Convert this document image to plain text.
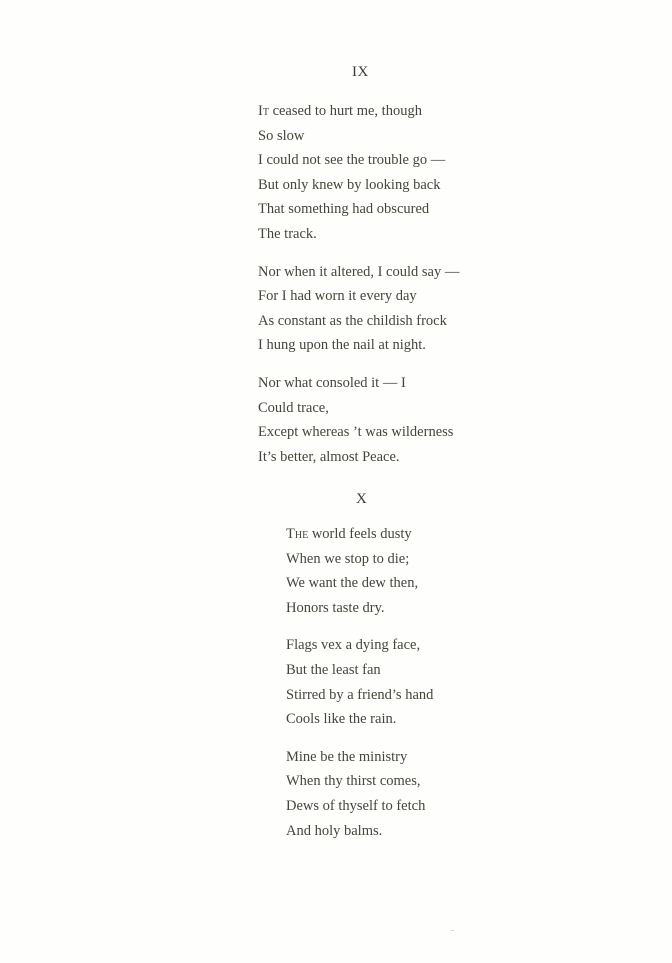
IX
It ceased to hurt me, though
So slow
I could not see the trouble go —
But only knew by looking back
That something had obscured
The track.
Nor when it altered, I could say —
For I had worn it every day
As constant as the childish frock
I hung upon the nail at night.
Nor what consoled it — I
Could trace,
Except whereas ’t was wilderness
It’s better, almost Peace.
X
The world feels dusty
When we stop to die;
We want the dew then,
Honors taste dry.
Flags vex a dying face,
But the least fan
Stirred by a friend’s hand
Cools like the rain.
Mine be the ministry
When thy thirst comes,
Dews of thyself to fetch
And holy balms.
